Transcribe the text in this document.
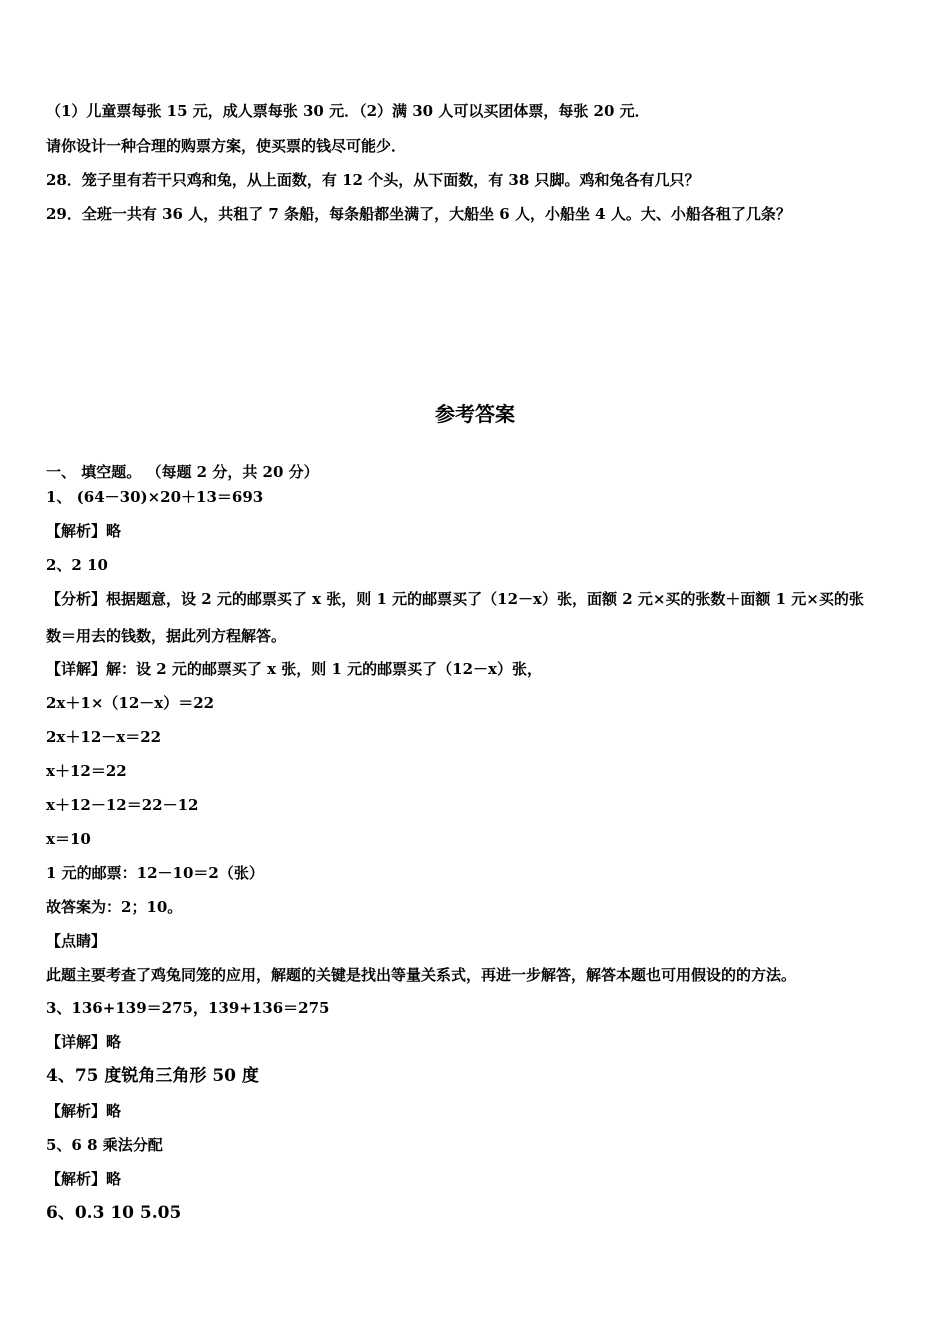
（1）儿童票每张 15 元，成人票每张 30 元．（2）满 30 人可以买团体票，每张 20 元．
请你设计一种合理的购票方案，使买票的钱尽可能少．
28．笼子里有若干只鸡和兔，从上面数，有 12 个头，从下面数，有 38 只脚。鸡和兔各有几只？
29．全班一共有 36 人，共租了 7 条船，每条船都坐满了，大船坐 6 人，小船坐 4 人。大、小船各租了几条？
参考答案
一、 填空题。 （每题 2 分，共 20 分）
1、 (64－30)×20＋13＝693
【解析】略
2、2 10
【分析】根据题意，设 2 元的邮票买了 x 张，则 1 元的邮票买了（12－x）张，面额 2 元×买的张数＋面额 1 元×买的张
数＝用去的钱数，据此列方程解答。
【详解】解：设 2 元的邮票买了 x 张，则 1 元的邮票买了（12－x）张，
2x＋1×（12－x）＝22
2x＋12－x＝22
x＋12＝22
x＋12－12＝22－12
x＝10
1 元的邮票：12－10＝2（张）
故答案为：2；10。
【点睛】
此题主要考查了鸡兔同笼的应用，解题的关键是找出等量关系式，再进一步解答，解答本题也可用假设的的方法。
3、136+139＝275，139+136＝275
【详解】略
4、75 度锐角三角形 50 度
【解析】略
5、6 8 乘法分配
【解析】略
6、0.3 10 5.05
